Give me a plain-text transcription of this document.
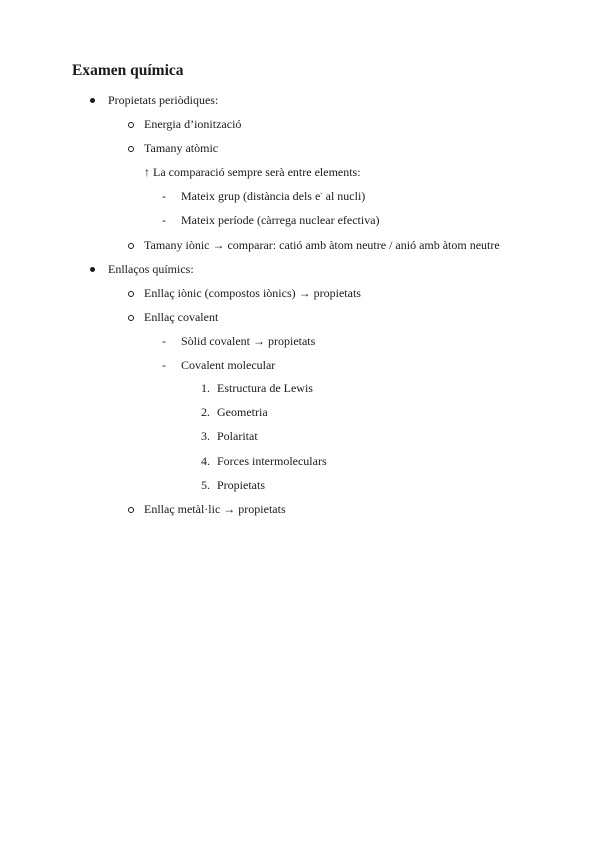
Examen química
Propietats periòdiques:
Energia d’ionització
Tamany atòmic
↑ La comparació sempre serà entre elements:
- Mateix grup (distància dels e- al nucli)
- Mateix període (càrrega nuclear efectiva)
Tamany iònic → comparar: catió amb àtom neutre / anió amb àtom neutre
Enllaços químics:
Enllaç iònic (compostos iònics) → propietats
Enllaç covalent
- Sòlid covalent → propietats
- Covalent molecular
1. Estructura de Lewis
2. Geometria
3. Polaritat
4. Forces intermoleculars
5. Propietats
Enllaç metàl·lic → propietats
